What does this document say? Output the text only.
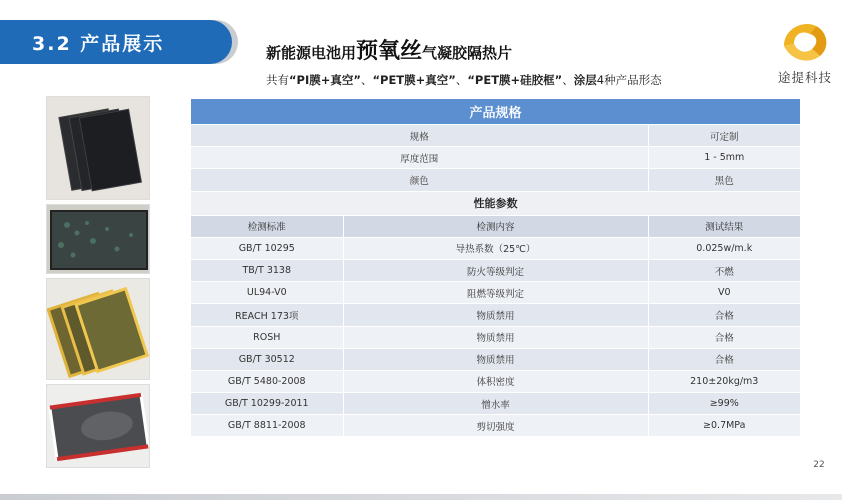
3.2 产品展示	新能源电池用预氧丝气凝胶隔热片
共有“PI膜+真空”、“PET膜+真空”、“PET膜+硅胶框”、涂层4种产品形态	途提科技
产品规格		
规格		可定制
厚度范围		1 - 5mm
颜色		黑色
性能参数		
检测标准	检测内容	测试结果
GB/T 10295	导热系数（25℃）	0.025w/m.k
TB/T 3138	防火等级判定	不燃
UL94-V0	阻燃等级判定	V0
REACH 173项	物质禁用	合格
ROSH	物质禁用	合格
GB/T 30512	物质禁用	合格
GB/T 5480-2008	体积密度	210±20kg/m3
GB/T 10299-2011	憎水率	≥99%
GB/T 8811-2008	剪切强度	≥0.7MPa
22
